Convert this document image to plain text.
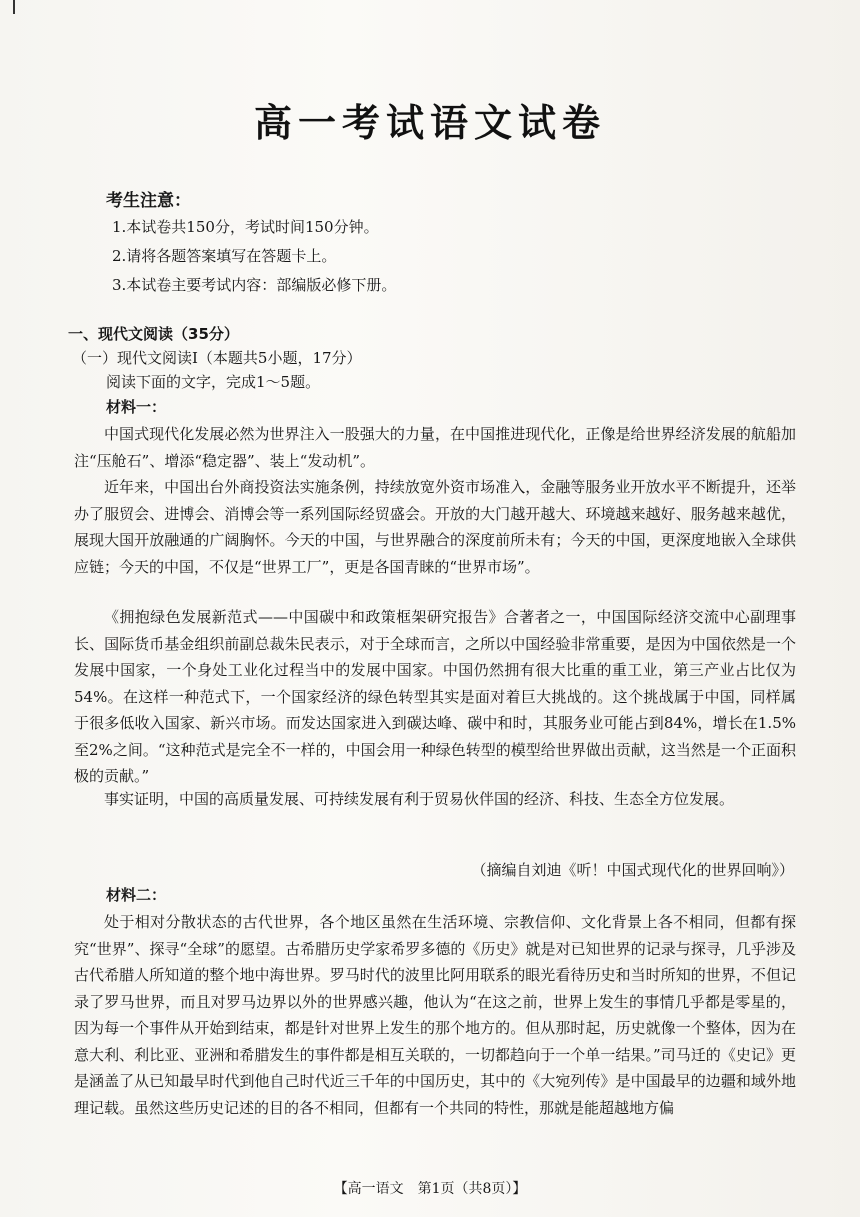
高一考试语文试卷
考生注意：
1.本试卷共150分，考试时间150分钟。
2.请将各题答案填写在答题卡上。
3.本试卷主要考试内容：部编版必修下册。
一、现代文阅读（35分）
（一）现代文阅读Ⅰ（本题共5小题，17分）
阅读下面的文字，完成1～5题。
材料一：

中国式现代化发展必然为世界注入一股强大的力量，在中国推进现代化，正像是给世界经济发展的航船加注“压舱石”、增添“稳定器”、装上“发动机”。

近年来，中国出台外商投资法实施条例，持续放宽外资市场准入，金融等服务业开放水平不断提升，还举办了服贸会、进博会、消博会等一系列国际经贸盛会。开放的大门越开越大、环境越来越好、服务越来越优，展现大国开放融通的广阔胸怀。今天的中国，与世界融合的深度前所未有；今天的中国，更深度地嵌入全球供应链；今天的中国，不仅是“世界工厂”，更是各国青睐的“世界市场”。

《拥抱绿色发展新范式——中国碳中和政策框架研究报告》合著者之一，中国国际经济交流中心副理事长、国际货币基金组织前副总裁朱民表示，对于全球而言，之所以中国经验非常重要，是因为中国依然是一个发展中国家，一个身处工业化过程当中的发展中国家。中国仍然拥有很大比重的重工业，第三产业占比仅为54%。在这样一种范式下，一个国家经济的绿色转型其实是面对着巨大挑战的。这个挑战属于中国，同样属于很多低收入国家、新兴市场。而发达国家进入到碳达峰、碳中和时，其服务业可能占到84%，增长在1.5%至2%之间。“这种范式是完全不一样的，中国会用一种绿色转型的模型给世界做出贡献，这当然是一个正面积极的贡献。”

事实证明，中国的高质量发展、可持续发展有利于贸易伙伴国的经济、科技、生态全方位发展。

（摘编自刘迪《听！中国式现代化的世界回响》）
材料二：

处于相对分散状态的古代世界，各个地区虽然在生活环境、宗教信仰、文化背景上各不相同，但都有探究“世界”、探寻“全球”的愿望。古希腊历史学家希罗多德的《历史》就是对已知世界的记录与探寻，几乎涉及古代希腊人所知道的整个地中海世界。罗马时代的波里比阿用联系的眼光看待历史和当时所知的世界，不但记录了罗马世界，而且对罗马边界以外的世界感兴趣，他认为“在这之前，世界上发生的事情几乎都是零星的，因为每一个事件从开始到结束，都是针对世界上发生的那个地方的。但从那时起，历史就像一个整体，因为在意大利、利比亚、亚洲和希腊发生的事件都是相互关联的，一切都趋向于一个单一结果。”司马迁的《史记》更是涵盖了从已知最早时代到他自己时代近三千年的中国历史，其中的《大宛列传》是中国最早的边疆和域外地理记载。虽然这些历史记述的目的各不相同，但都有一个共同的特性，那就是能超越地方偏

【高一语文　第1页（共8页）】
